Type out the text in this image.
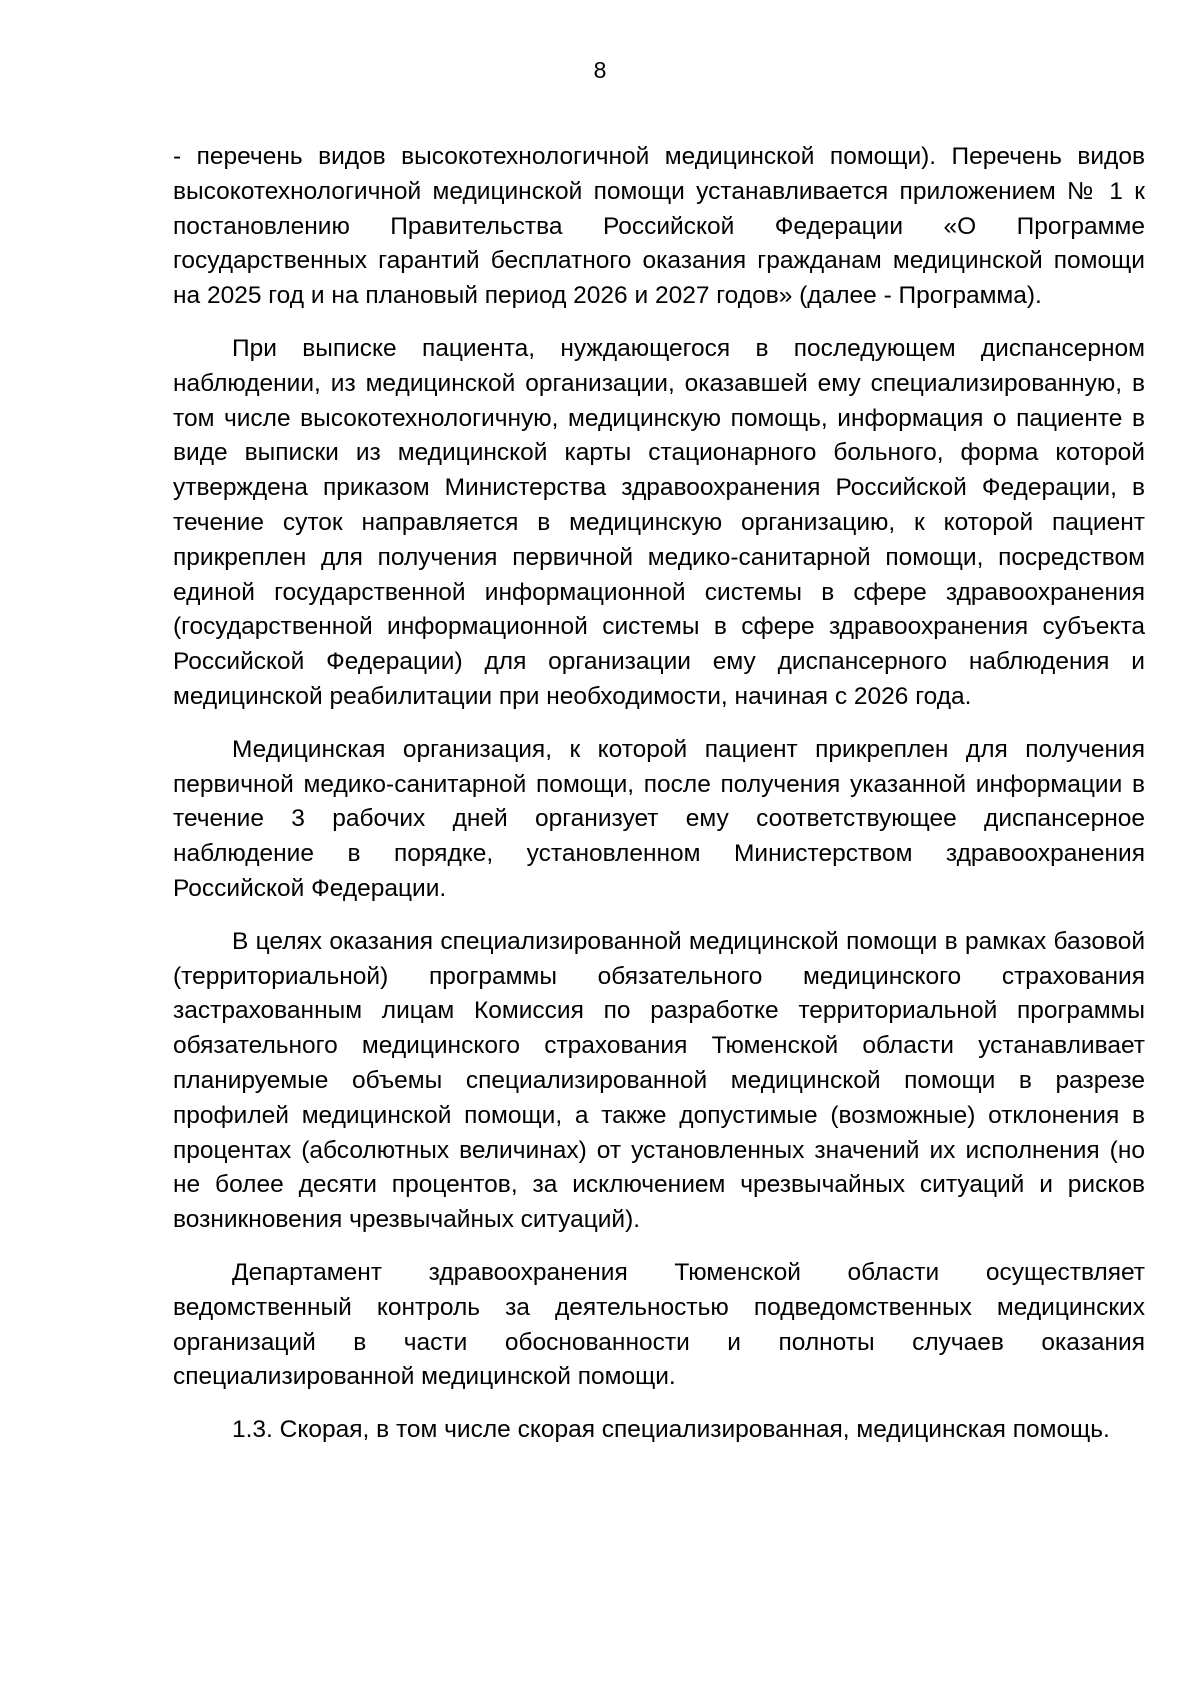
8

- перечень видов высокотехнологичной медицинской помощи). Перечень видов высокотехнологичной медицинской помощи устанавливается приложением № 1 к постановлению Правительства Российской Федерации «О Программе государственных гарантий бесплатного оказания гражданам медицинской помощи на 2025 год и на плановый период 2026 и 2027 годов» (далее - Программа).

При выписке пациента, нуждающегося в последующем диспансерном наблюдении, из медицинской организации, оказавшей ему специализированную, в том числе высокотехнологичную, медицинскую помощь, информация о пациенте в виде выписки из медицинской карты стационарного больного, форма которой утверждена приказом Министерства здравоохранения Российской Федерации, в течение суток направляется в медицинскую организацию, к которой пациент прикреплен для получения первичной медико-санитарной помощи, посредством единой государственной информационной системы в сфере здравоохранения (государственной информационной системы в сфере здравоохранения субъекта Российской Федерации) для организации ему диспансерного наблюдения и медицинской реабилитации при необходимости, начиная с 2026 года.

Медицинская организация, к которой пациент прикреплен для получения первичной медико-санитарной помощи, после получения указанной информации в течение 3 рабочих дней организует ему соответствующее диспансерное наблюдение в порядке, установленном Министерством здравоохранения Российской Федерации.

В целях оказания специализированной медицинской помощи в рамках базовой (территориальной) программы обязательного медицинского страхования застрахованным лицам Комиссия по разработке территориальной программы обязательного медицинского страхования Тюменской области устанавливает планируемые объемы специализированной медицинской помощи в разрезе профилей медицинской помощи, а также допустимые (возможные) отклонения в процентах (абсолютных величинах) от установленных значений их исполнения (но не более десяти процентов, за исключением чрезвычайных ситуаций и рисков возникновения чрезвычайных ситуаций).

Департамент здравоохранения Тюменской области осуществляет ведомственный контроль за деятельностью подведомственных медицинских организаций в части обоснованности и полноты случаев оказания специализированной медицинской помощи.

1.3. Скорая, в том числе скорая специализированная, медицинская помощь.
